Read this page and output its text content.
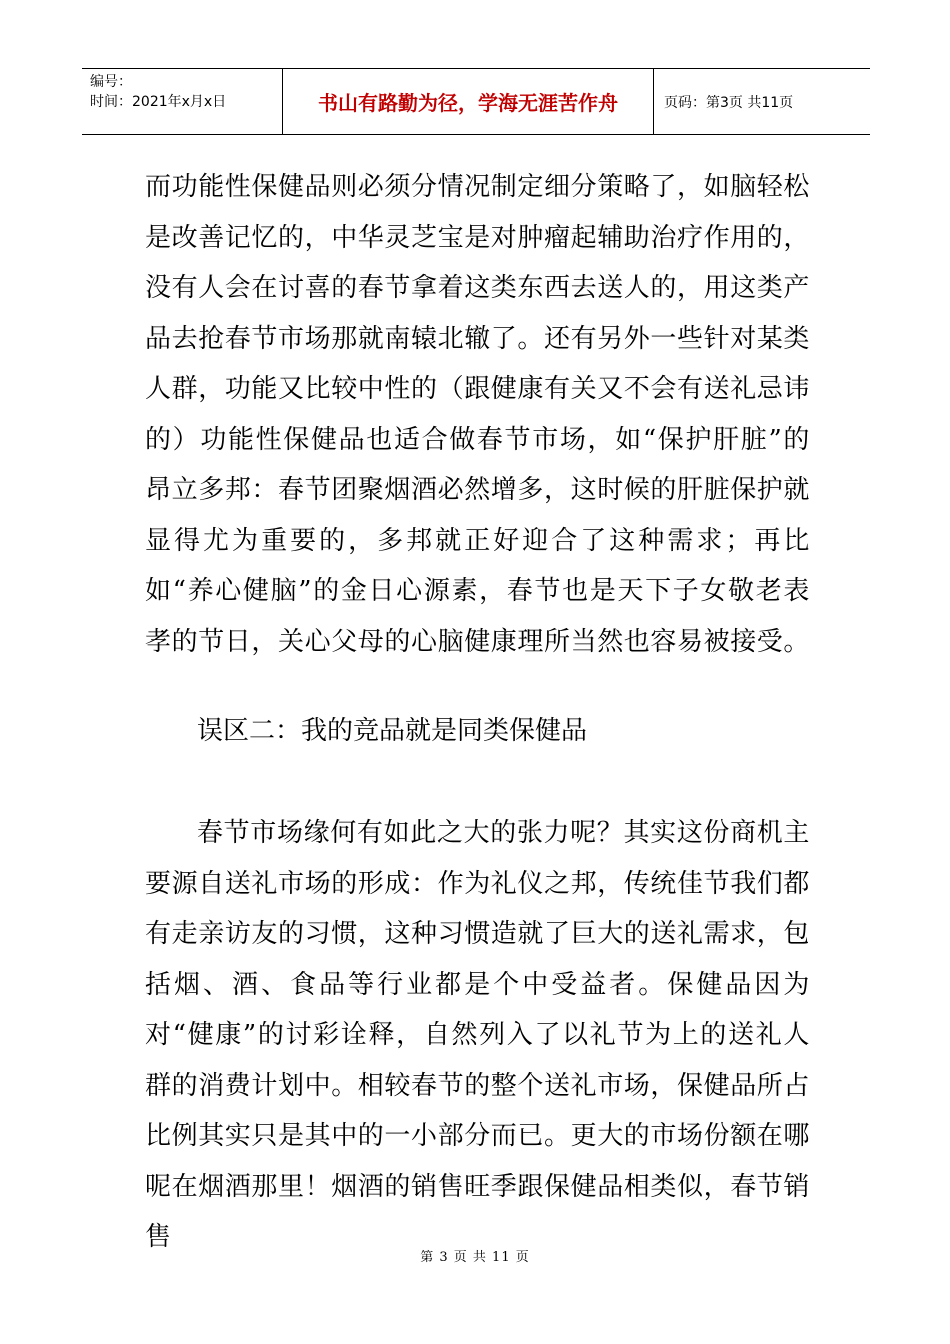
编号：
时间：2021年x月x日	书山有路勤为径，学海无涯苦作舟	页码：第3页 共11页
而功能性保健品则必须分情况制定细分策略了，如脑轻松是改善记忆的，中华灵芝宝是对肿瘤起辅助治疗作用的，没有人会在讨喜的春节拿着这类东西去送人的，用这类产品去抢春节市场那就南辕北辙了。还有另外一些针对某类人群，功能又比较中性的（跟健康有关又不会有送礼忌讳的）功能性保健品也适合做春节市场，如“保护肝脏”的昂立多邦：春节团聚烟酒必然增多，这时候的肝脏保护就显得尤为重要的，多邦就正好迎合了这种需求；再比如“养心健脑”的金日心源素，春节也是天下子女敬老表孝的节日，关心父母的心脑健康理所当然也容易被接受。
误区二：我的竞品就是同类保健品
春节市场缘何有如此之大的张力呢？其实这份商机主要源自送礼市场的形成：作为礼仪之邦，传统佳节我们都有走亲访友的习惯，这种习惯造就了巨大的送礼需求，包括烟、酒、食品等行业都是个中受益者。保健品因为对“健康”的讨彩诠释，自然列入了以礼节为上的送礼人群的消费计划中。相较春节的整个送礼市场，保健品所占比例其实只是其中的一小部分而已。更大的市场份额在哪呢在烟酒那里！烟酒的销售旺季跟保健品相类似，春节销售
第 3 页 共 11 页
